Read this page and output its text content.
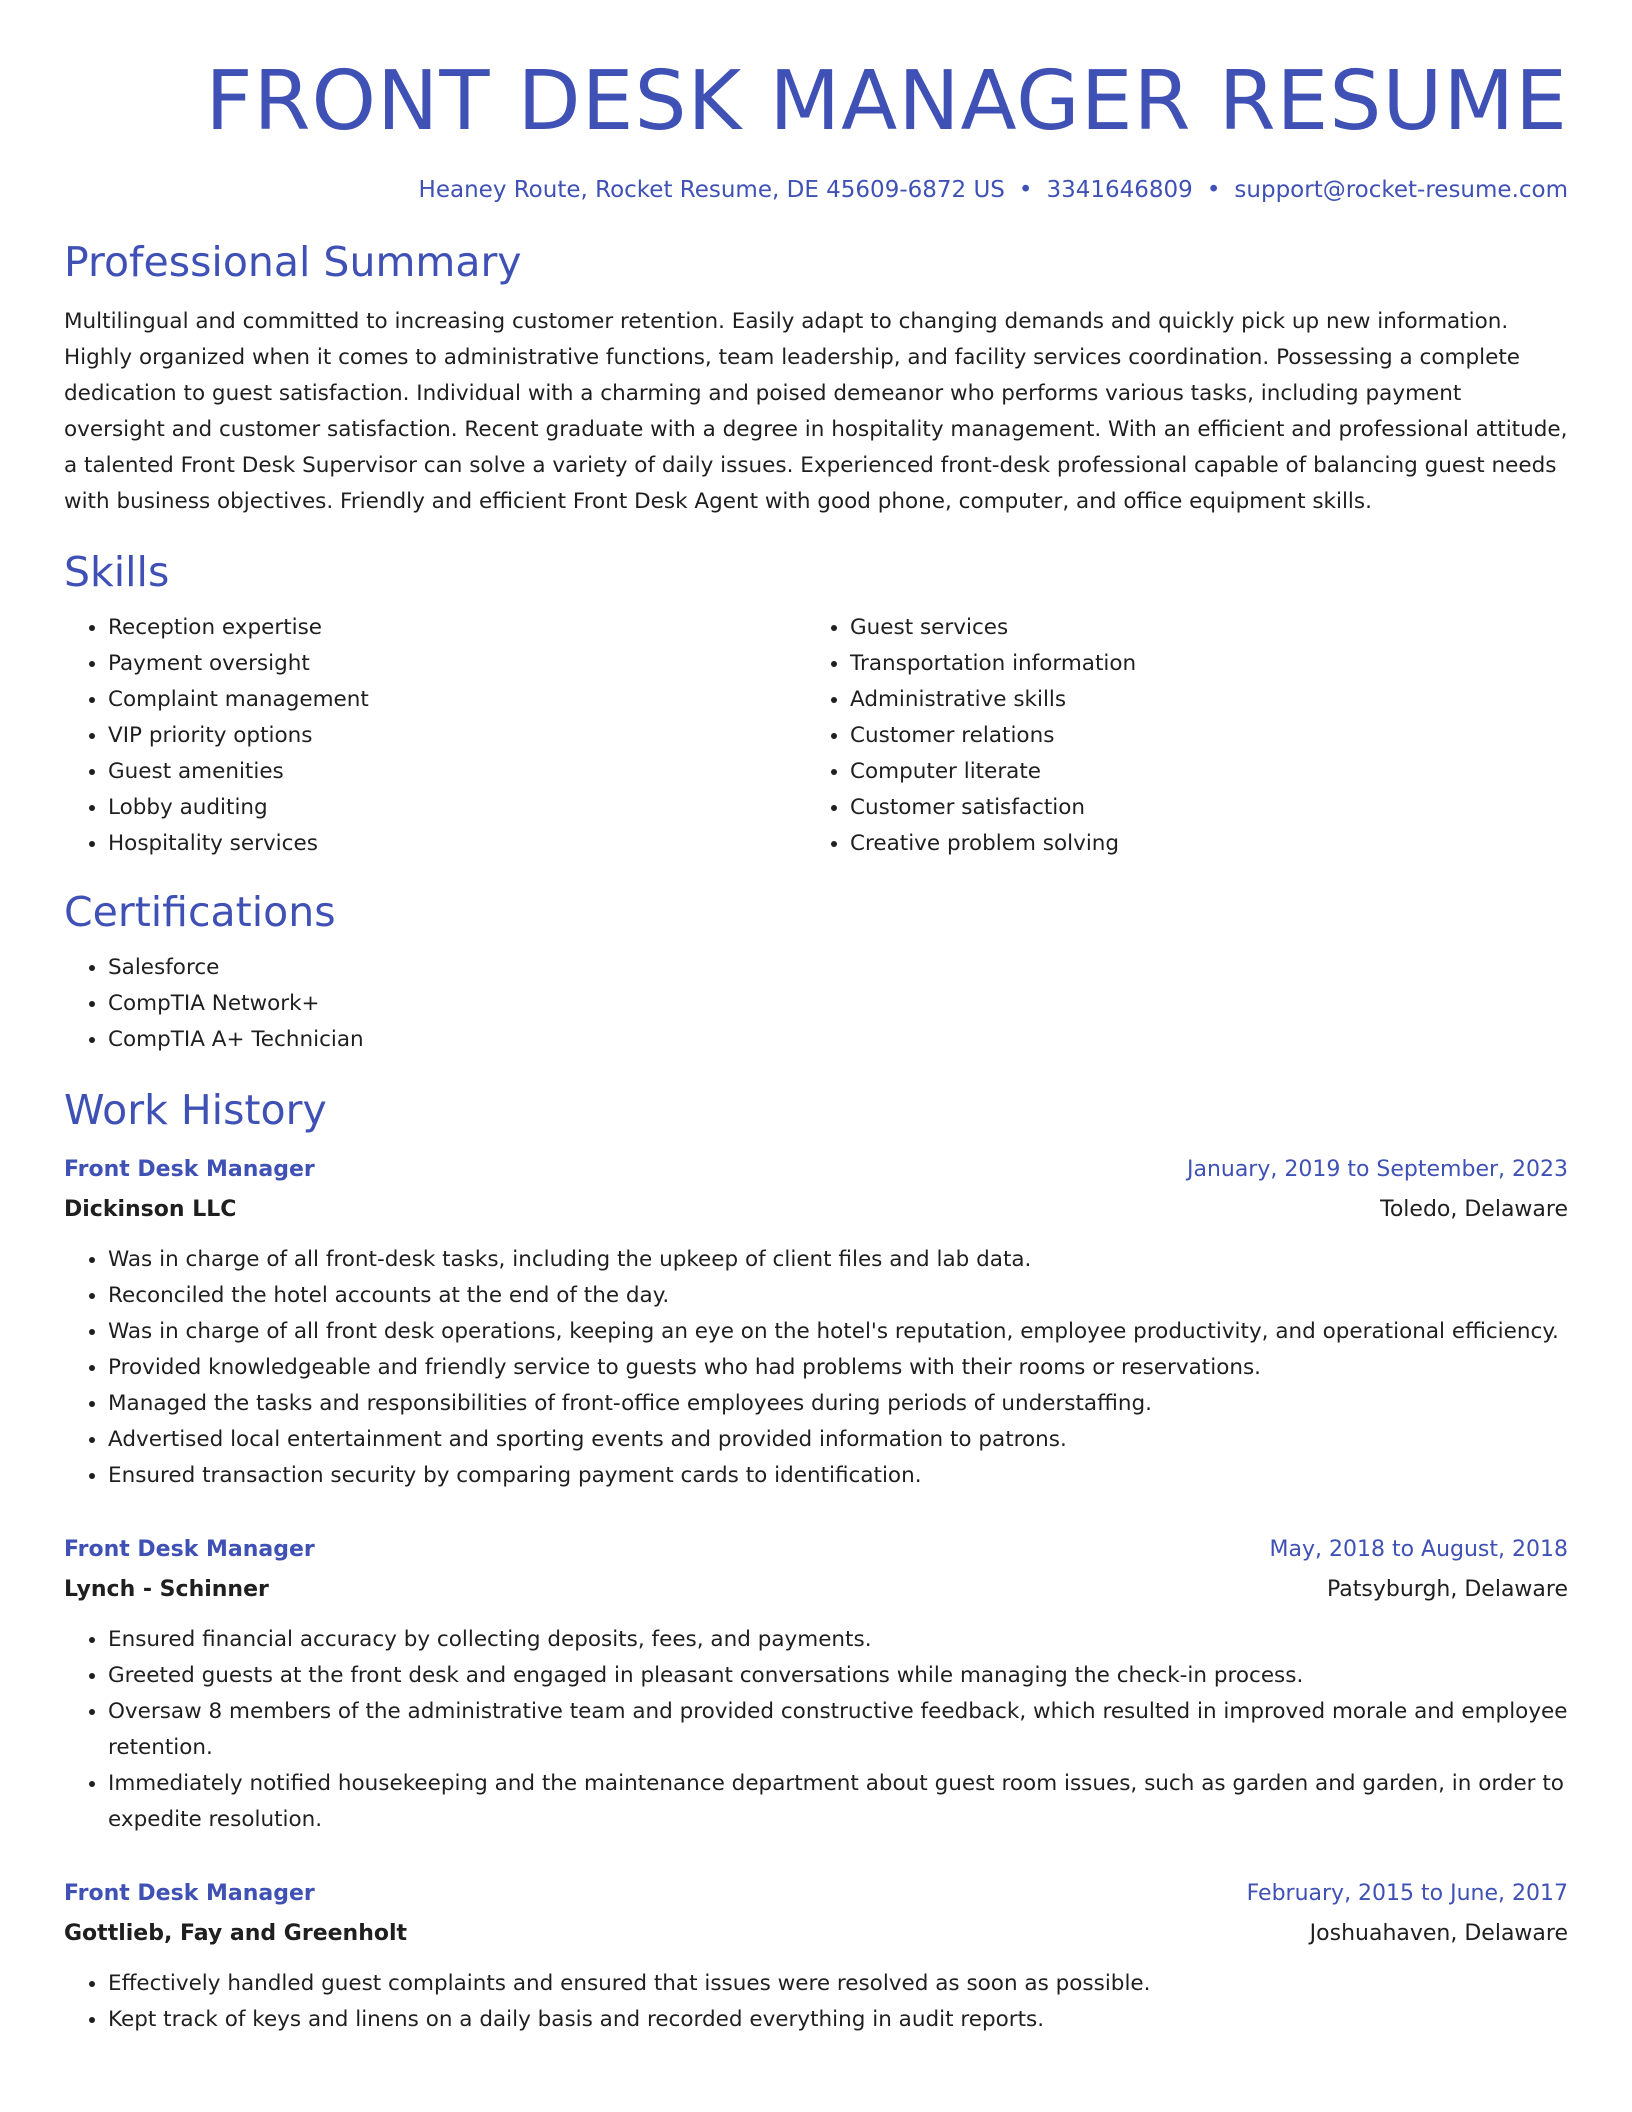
FRONT DESK MANAGER RESUME
Heaney Route, Rocket Resume, DE 45609-6872 US • 3341646809 • support@rocket-resume.com
Professional Summary

Multilingual and committed to increasing customer retention. Easily adapt to changing demands and quickly pick up new information. Highly organized when it comes to administrative functions, team leadership, and facility services coordination. Possessing a complete dedication to guest satisfaction. Individual with a charming and poised demeanor who performs various tasks, including payment oversight and customer satisfaction. Recent graduate with a degree in hospitality management. With an efficient and professional attitude, a talented Front Desk Supervisor can solve a variety of daily issues. Experienced front-desk professional capable of balancing guest needs with business objectives. Friendly and efficient Front Desk Agent with good phone, computer, and office equipment skills.

Skills
• Reception expertise
• Payment oversight
• Complaint management
• VIP priority options
• Guest amenities
• Lobby auditing
• Hospitality services
• Guest services
• Transportation information
• Administrative skills
• Customer relations
• Computer literate
• Customer satisfaction
• Creative problem solving
Certifications
• Salesforce
• CompTIA Network+
• CompTIA A+ Technician
Work History
Front Desk Manager	January, 2019 to September, 2023
Dickinson LLC	Toledo, Delaware
• Was in charge of all front-desk tasks, including the upkeep of client files and lab data.
• Reconciled the hotel accounts at the end of the day.
• Was in charge of all front desk operations, keeping an eye on the hotel's reputation, employee productivity, and operational efficiency.
• Provided knowledgeable and friendly service to guests who had problems with their rooms or reservations.
• Managed the tasks and responsibilities of front-office employees during periods of understaffing.
• Advertised local entertainment and sporting events and provided information to patrons.
• Ensured transaction security by comparing payment cards to identification.
Front Desk Manager	May, 2018 to August, 2018
Lynch - Schinner	Patsyburgh, Delaware
• Ensured financial accuracy by collecting deposits, fees, and payments.
• Greeted guests at the front desk and engaged in pleasant conversations while managing the check-in process.
• Oversaw 8 members of the administrative team and provided constructive feedback, which resulted in improved morale and employee retention.
• Immediately notified housekeeping and the maintenance department about guest room issues, such as garden and garden, in order to expedite resolution.
Front Desk Manager	February, 2015 to June, 2017
Gottlieb, Fay and Greenholt	Joshuahaven, Delaware
• Effectively handled guest complaints and ensured that issues were resolved as soon as possible.
• Kept track of keys and linens on a daily basis and recorded everything in audit reports.
